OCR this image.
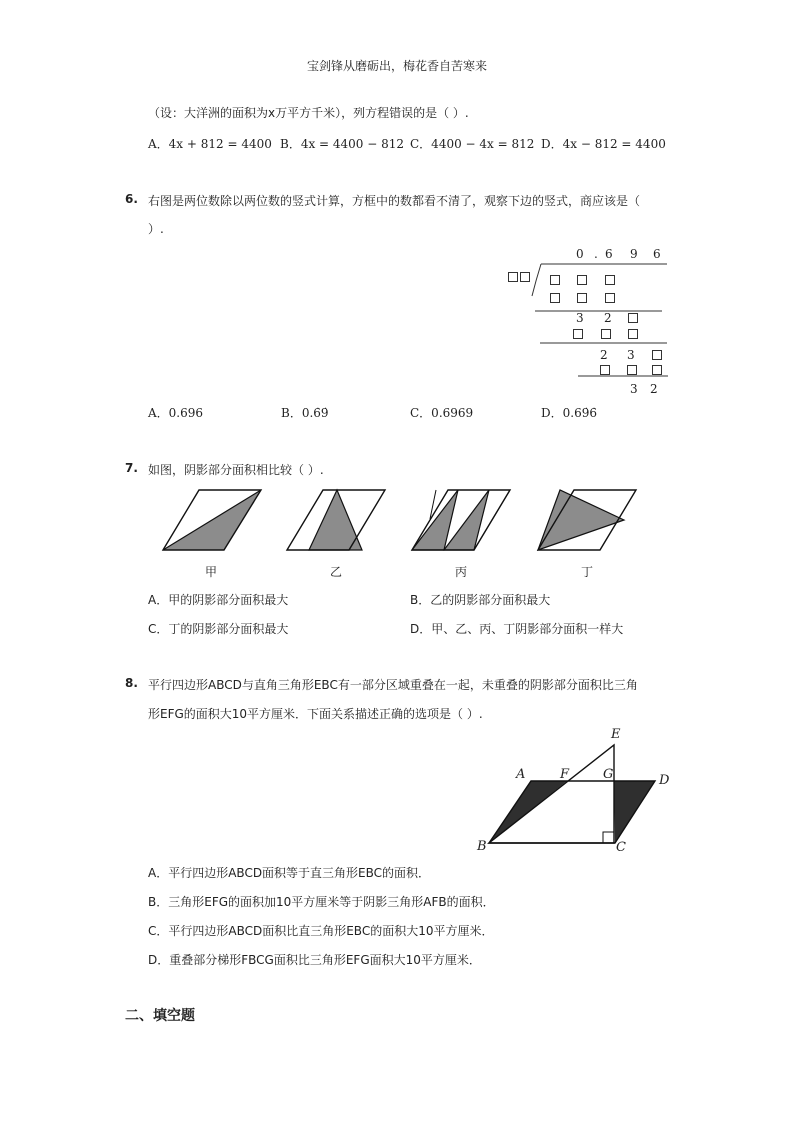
宝剑锋从磨砺出，梅花香自苦寒来
（设：大洋洲的面积为x万平方千米），列方程错误的是（ ）.
A．4x + 812 = 4400 B．4x = 4400 − 812 C．4400 − 4x = 812 D．4x − 812 = 4400
6. 右图是两位数除以两位数的竖式计算，方框中的数都看不清了，观察下边的竖式，商应该是（
）.
0 . 6 9 6
3 2
2 3
3 2
A．0.696	B．0.6̇9̇	C．0.6969	D．0.69̇6̇
7. 如图，阴影部分面积相比较（ ）.
甲	乙	丙	丁
A．甲的阴影部分面积最大	B．乙的阴影部分面积最大
C．丁的阴影部分面积最大	D．甲、乙、丙、丁阴影部分面积一样大
8. 平行四边形ABCD与直角三角形EBC有一部分区域重叠在一起，未重叠的阴影部分面积比三角
形EFG的面积大10平方厘米．下面关系描述正确的选项是（ ）.
E
A	F	G	D
B	C
A．平行四边形ABCD面积等于直三角形EBC的面积．
B．三角形EFG的面积加10平方厘米等于阴影三角形AFB的面积．
C．平行四边形ABCD面积比直三角形EBC的面积大10平方厘米．
D．重叠部分梯形FBCG面积比三角形EFG面积大10平方厘米．
二、填空题
